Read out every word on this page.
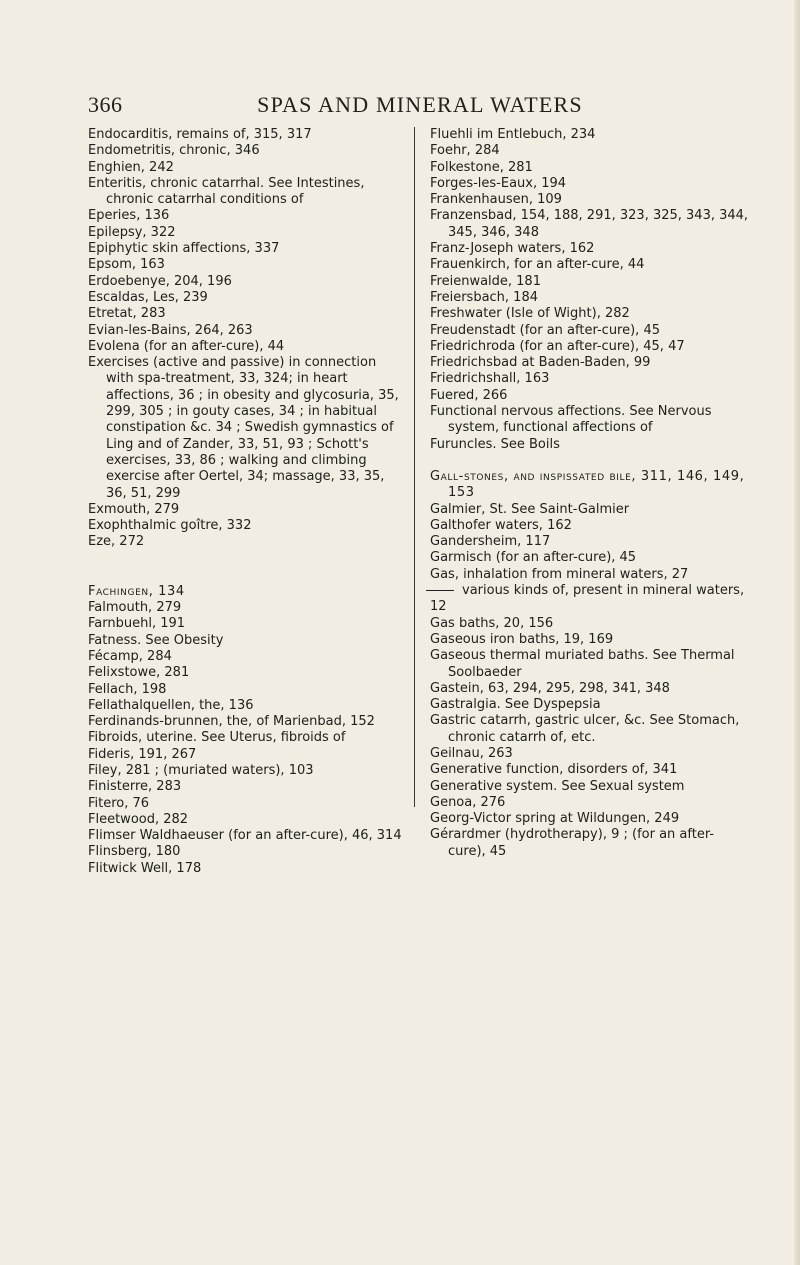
366	SPAS AND MINERAL WATERS

Endocarditis, remains of, 315, 317

Endometritis, chronic, 346

Enghien, 242

Enteritis, chronic catarrhal. See Intestines, chronic catarrhal conditions of

Eperies, 136

Epilepsy, 322

Epiphytic skin affections, 337

Epsom, 163

Erdoebenye, 204, 196

Escaldas, Les, 239

Etretat, 283

Evian-les-Bains, 264, 263

Evolena (for an after-cure), 44

Exercises (active and passive) in connection with spa-treatment, 33, 324; in heart affections, 36 ; in obesity and glycosuria, 35, 299, 305 ; in gouty cases, 34 ; in habitual constipation &c. 34 ; Swedish gymnastics of Ling and of Zander, 33, 51, 93 ; Schott's exercises, 33, 86 ; walking and climbing exercise after Oertel, 34; massage, 33, 35, 36, 51, 299

Exmouth, 279

Exophthalmic goître, 332

Eze, 272

Fachingen, 134

Falmouth, 279

Farnbuehl, 191

Fatness. See Obesity

Fécamp, 284

Felixstowe, 281

Fellach, 198

Fellathalquellen, the, 136

Ferdinands-brunnen, the, of Marienbad, 152

Fibroids, uterine. See Uterus, fibroids of

Fideris, 191, 267

Filey, 281 ; (muriated waters), 103

Finisterre, 283

Fitero, 76

Fleetwood, 282

Flimser Waldhaeuser (for an after-cure), 46, 314

Flinsberg, 180

Flitwick Well, 178

Fluehli im Entlebuch, 234

Foehr, 284

Folkestone, 281

Forges-les-Eaux, 194

Frankenhausen, 109

Franzensbad, 154, 188, 291, 323, 325, 343, 344, 345, 346, 348

Franz-Joseph waters, 162

Frauenkirch, for an after-cure, 44

Freienwalde, 181

Freiersbach, 184

Freshwater (Isle of Wight), 282

Freudenstadt (for an after-cure), 45

Friedrichroda (for an after-cure), 45, 47

Friedrichsbad at Baden-Baden, 99

Friedrichshall, 163

Fuered, 266

Functional nervous affections. See Nervous system, functional affections of

Furuncles. See Boils

Gall-stones, and inspissated bile, 311, 146, 149, 153

Galmier, St. See Saint-Galmier

Galthofer waters, 162

Gandersheim, 117

Garmisch (for an after-cure), 45

Gas, inhalation from mineral waters, 27

various kinds of, present in mineral waters, 12

Gas baths, 20, 156

Gaseous iron baths, 19, 169

Gaseous thermal muriated baths. See Thermal Soolbaeder

Gastein, 63, 294, 295, 298, 341, 348

Gastralgia. See Dyspepsia

Gastric catarrh, gastric ulcer, &c. See Stomach, chronic catarrh of, etc.

Geilnau, 263

Generative function, disorders of, 341

Generative system. See Sexual system

Genoa, 276

Georg-Victor spring at Wildungen, 249

Gérardmer (hydrotherapy), 9 ; (for an after-cure), 45
